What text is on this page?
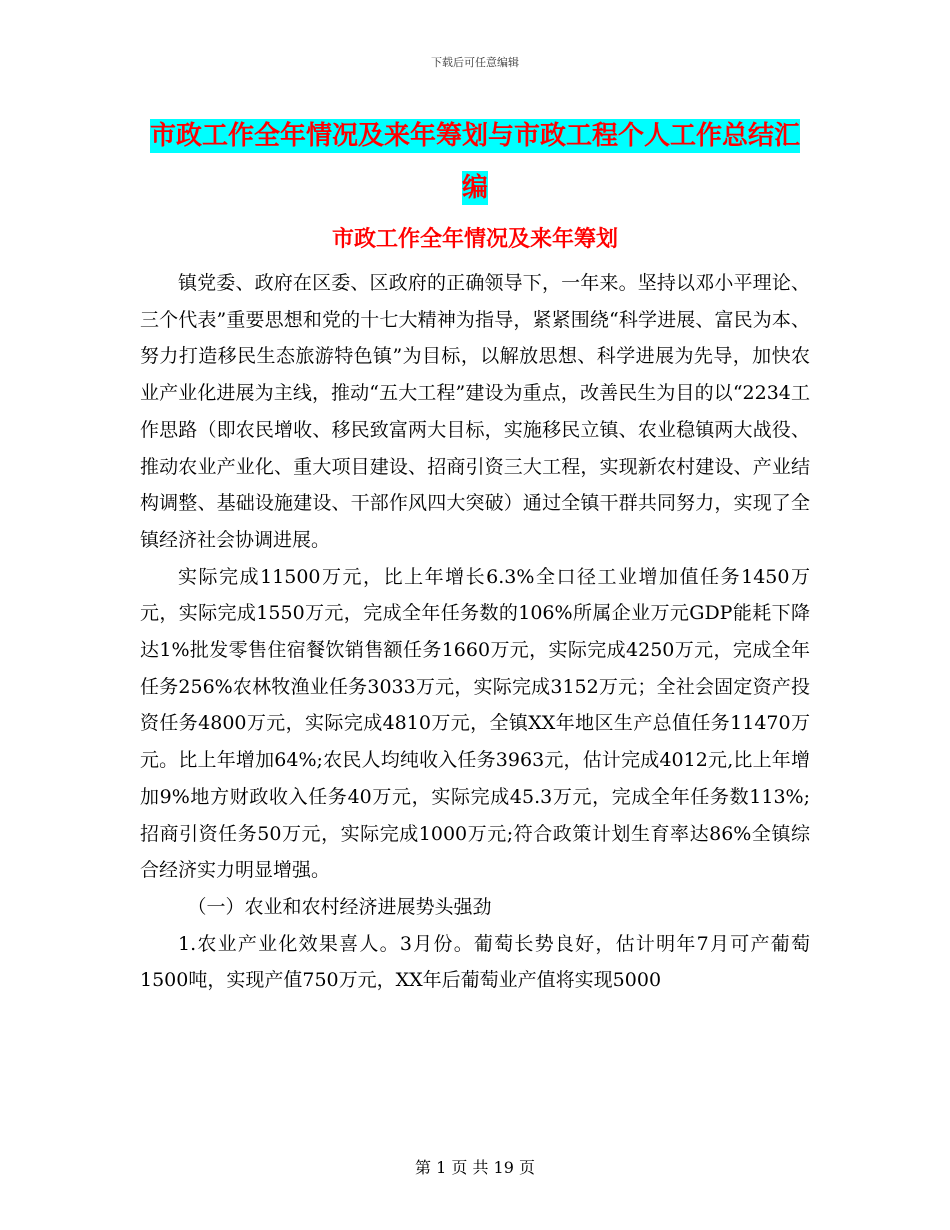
下载后可任意编辑
市政工作全年情况及来年筹划与市政工程个人工作总结汇编
市政工作全年情况及来年筹划

镇党委、政府在区委、区政府的正确领导下，一年来。坚持以邓小平理论、三个代表”重要思想和党的十七大精神为指导，紧紧围绕“科学进展、富民为本、努力打造移民生态旅游特色镇”为目标，以解放思想、科学进展为先导，加快农业产业化进展为主线，推动“五大工程”建设为重点，改善民生为目的以“2234工作思路（即农民增收、移民致富两大目标，实施移民立镇、农业稳镇两大战役、推动农业产业化、重大项目建设、招商引资三大工程，实现新农村建设、产业结构调整、基础设施建设、干部作风四大突破）通过全镇干群共同努力，实现了全镇经济社会协调进展。

实际完成11500万元，比上年增长6.3%全口径工业增加值任务1450万元，实际完成1550万元，完成全年任务数的106%所属企业万元GDP能耗下降达1%批发零售住宿餐饮销售额任务1660万元，实际完成4250万元，完成全年任务256%农林牧渔业任务3033万元，实际完成3152万元；全社会固定资产投资任务4800万元，实际完成4810万元，全镇XX年地区生产总值任务11470万元。比上年增加64%;农民人均纯收入任务3963元，估计完成4012元,比上年增加9%地方财政收入任务40万元，实际完成45.3万元，完成全年任务数113%;招商引资任务50万元，实际完成1000万元;符合政策计划生育率达86%全镇综合经济实力明显增强。

（一）农业和农村经济进展势头强劲

1.农业产业化效果喜人。3月份。葡萄长势良好，估计明年7月可产葡萄1500吨，实现产值750万元，XX年后葡萄业产值将实现5000

第 1 页 共 19 页
